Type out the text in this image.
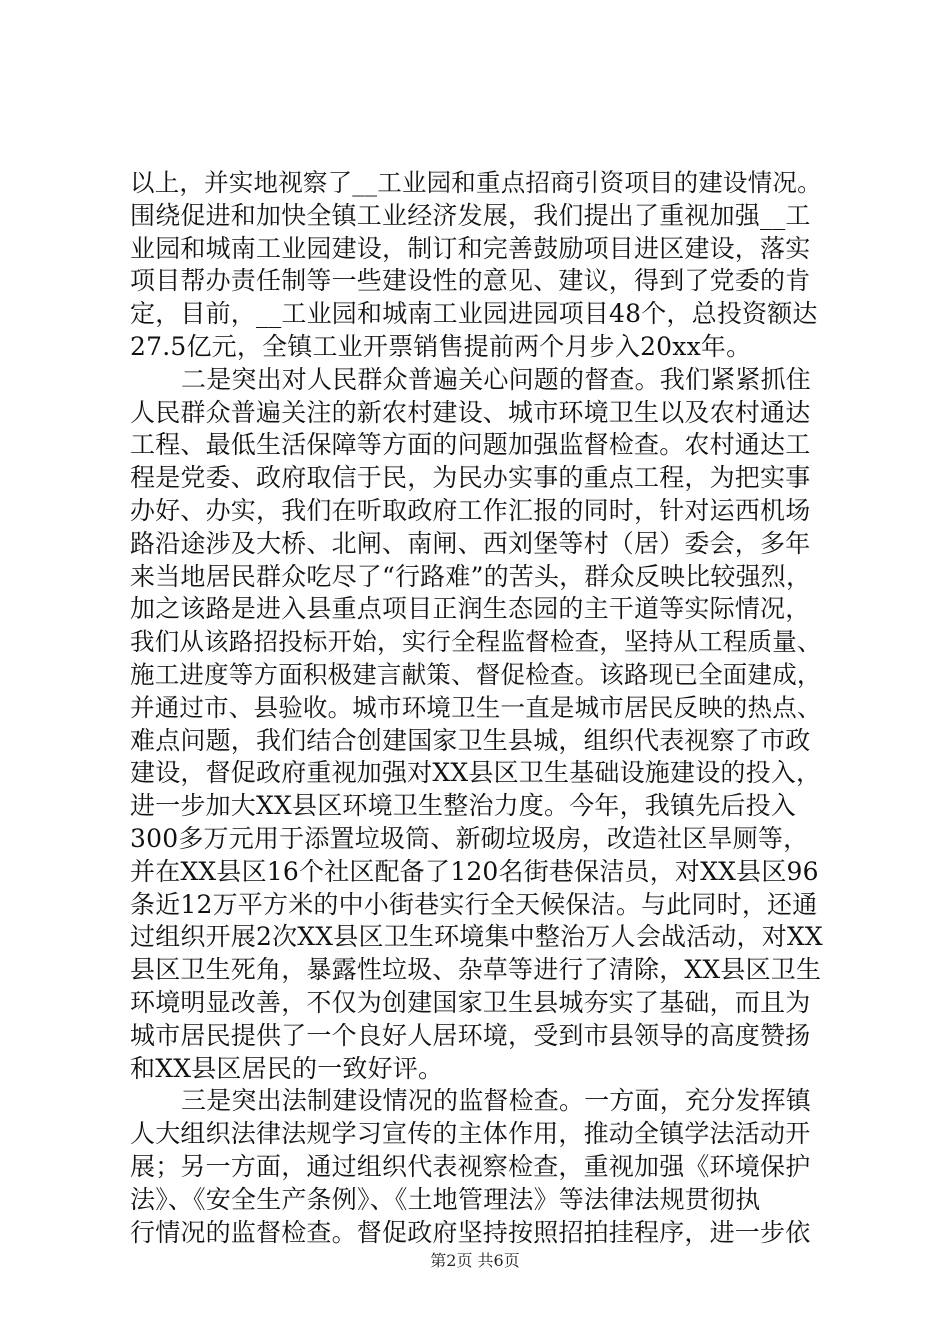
以上，并实地视察了__工业园和重点招商引资项目的建设情况。
围绕促进和加快全镇工业经济发展，我们提出了重视加强__工
业园和城南工业园建设，制订和完善鼓励项目进区建设，落实
项目帮办责任制等一些建设性的意见、建议，得到了党委的肯
定，目前，__工业园和城南工业园进园项目48个，总投资额达
27.5亿元，全镇工业开票销售提前两个月步入20xx年。
二是突出对人民群众普遍关心问题的督查。我们紧紧抓住
人民群众普遍关注的新农村建设、城市环境卫生以及农村通达
工程、最低生活保障等方面的问题加强监督检查。农村通达工
程是党委、政府取信于民，为民办实事的重点工程，为把实事
办好、办实，我们在听取政府工作汇报的同时，针对运西机场
路沿途涉及大桥、北闸、南闸、西刘堡等村（居）委会，多年
来当地居民群众吃尽了“行路难”的苦头，群众反映比较强烈，
加之该路是进入县重点项目正润生态园的主干道等实际情况，
我们从该路招投标开始，实行全程监督检查，坚持从工程质量、
施工进度等方面积极建言献策、督促检查。该路现已全面建成，
并通过市、县验收。城市环境卫生一直是城市居民反映的热点、
难点问题，我们结合创建国家卫生县城，组织代表视察了市政
建设，督促政府重视加强对XX县区卫生基础设施建设的投入，
进一步加大XX县区环境卫生整治力度。今年，我镇先后投入
300多万元用于添置垃圾筒、新砌垃圾房，改造社区旱厕等，
并在XX县区16个社区配备了120名街巷保洁员，对XX县区96
条近12万平方米的中小街巷实行全天候保洁。与此同时，还通
过组织开展2次XX县区卫生环境集中整治万人会战活动，对XX
县区卫生死角，暴露性垃圾、杂草等进行了清除，XX县区卫生
环境明显改善，不仅为创建国家卫生县城夯实了基础，而且为
城市居民提供了一个良好人居环境，受到市县领导的高度赞扬
和XX县区居民的一致好评。
三是突出法制建设情况的监督检查。一方面，充分发挥镇
人大组织法律法规学习宣传的主体作用，推动全镇学法活动开
展；另一方面，通过组织代表视察检查，重视加强《环境保护
法》、《安全生产条例》、《土地管理法》等法律法规贯彻执
行情况的监督检查。督促政府坚持按照招拍挂程序，进一步依
第2页 共6页
